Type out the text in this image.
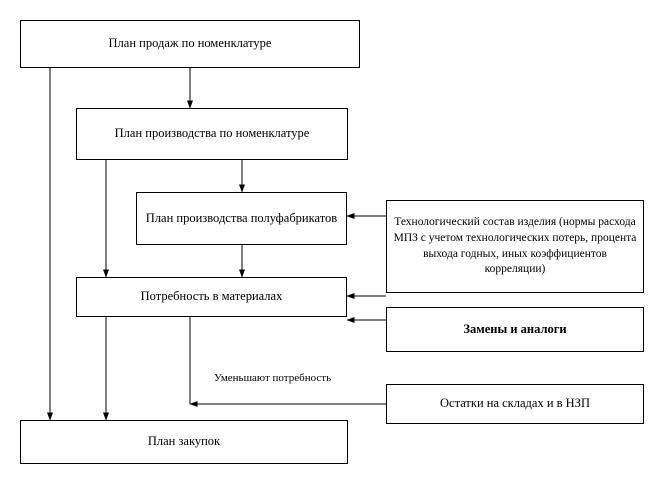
План продаж по номенклатуре
План производства по номенклатуре
План производства полуфабрикатов
Потребность в материалах
План закупок
Технологический состав изделия (нормы расхода МПЗ с учетом технологических потерь, процента выхода годных, иных коэффициентов корреляции)
Замены и аналоги
Остатки на складах и в НЗП
Уменьшают потребность
